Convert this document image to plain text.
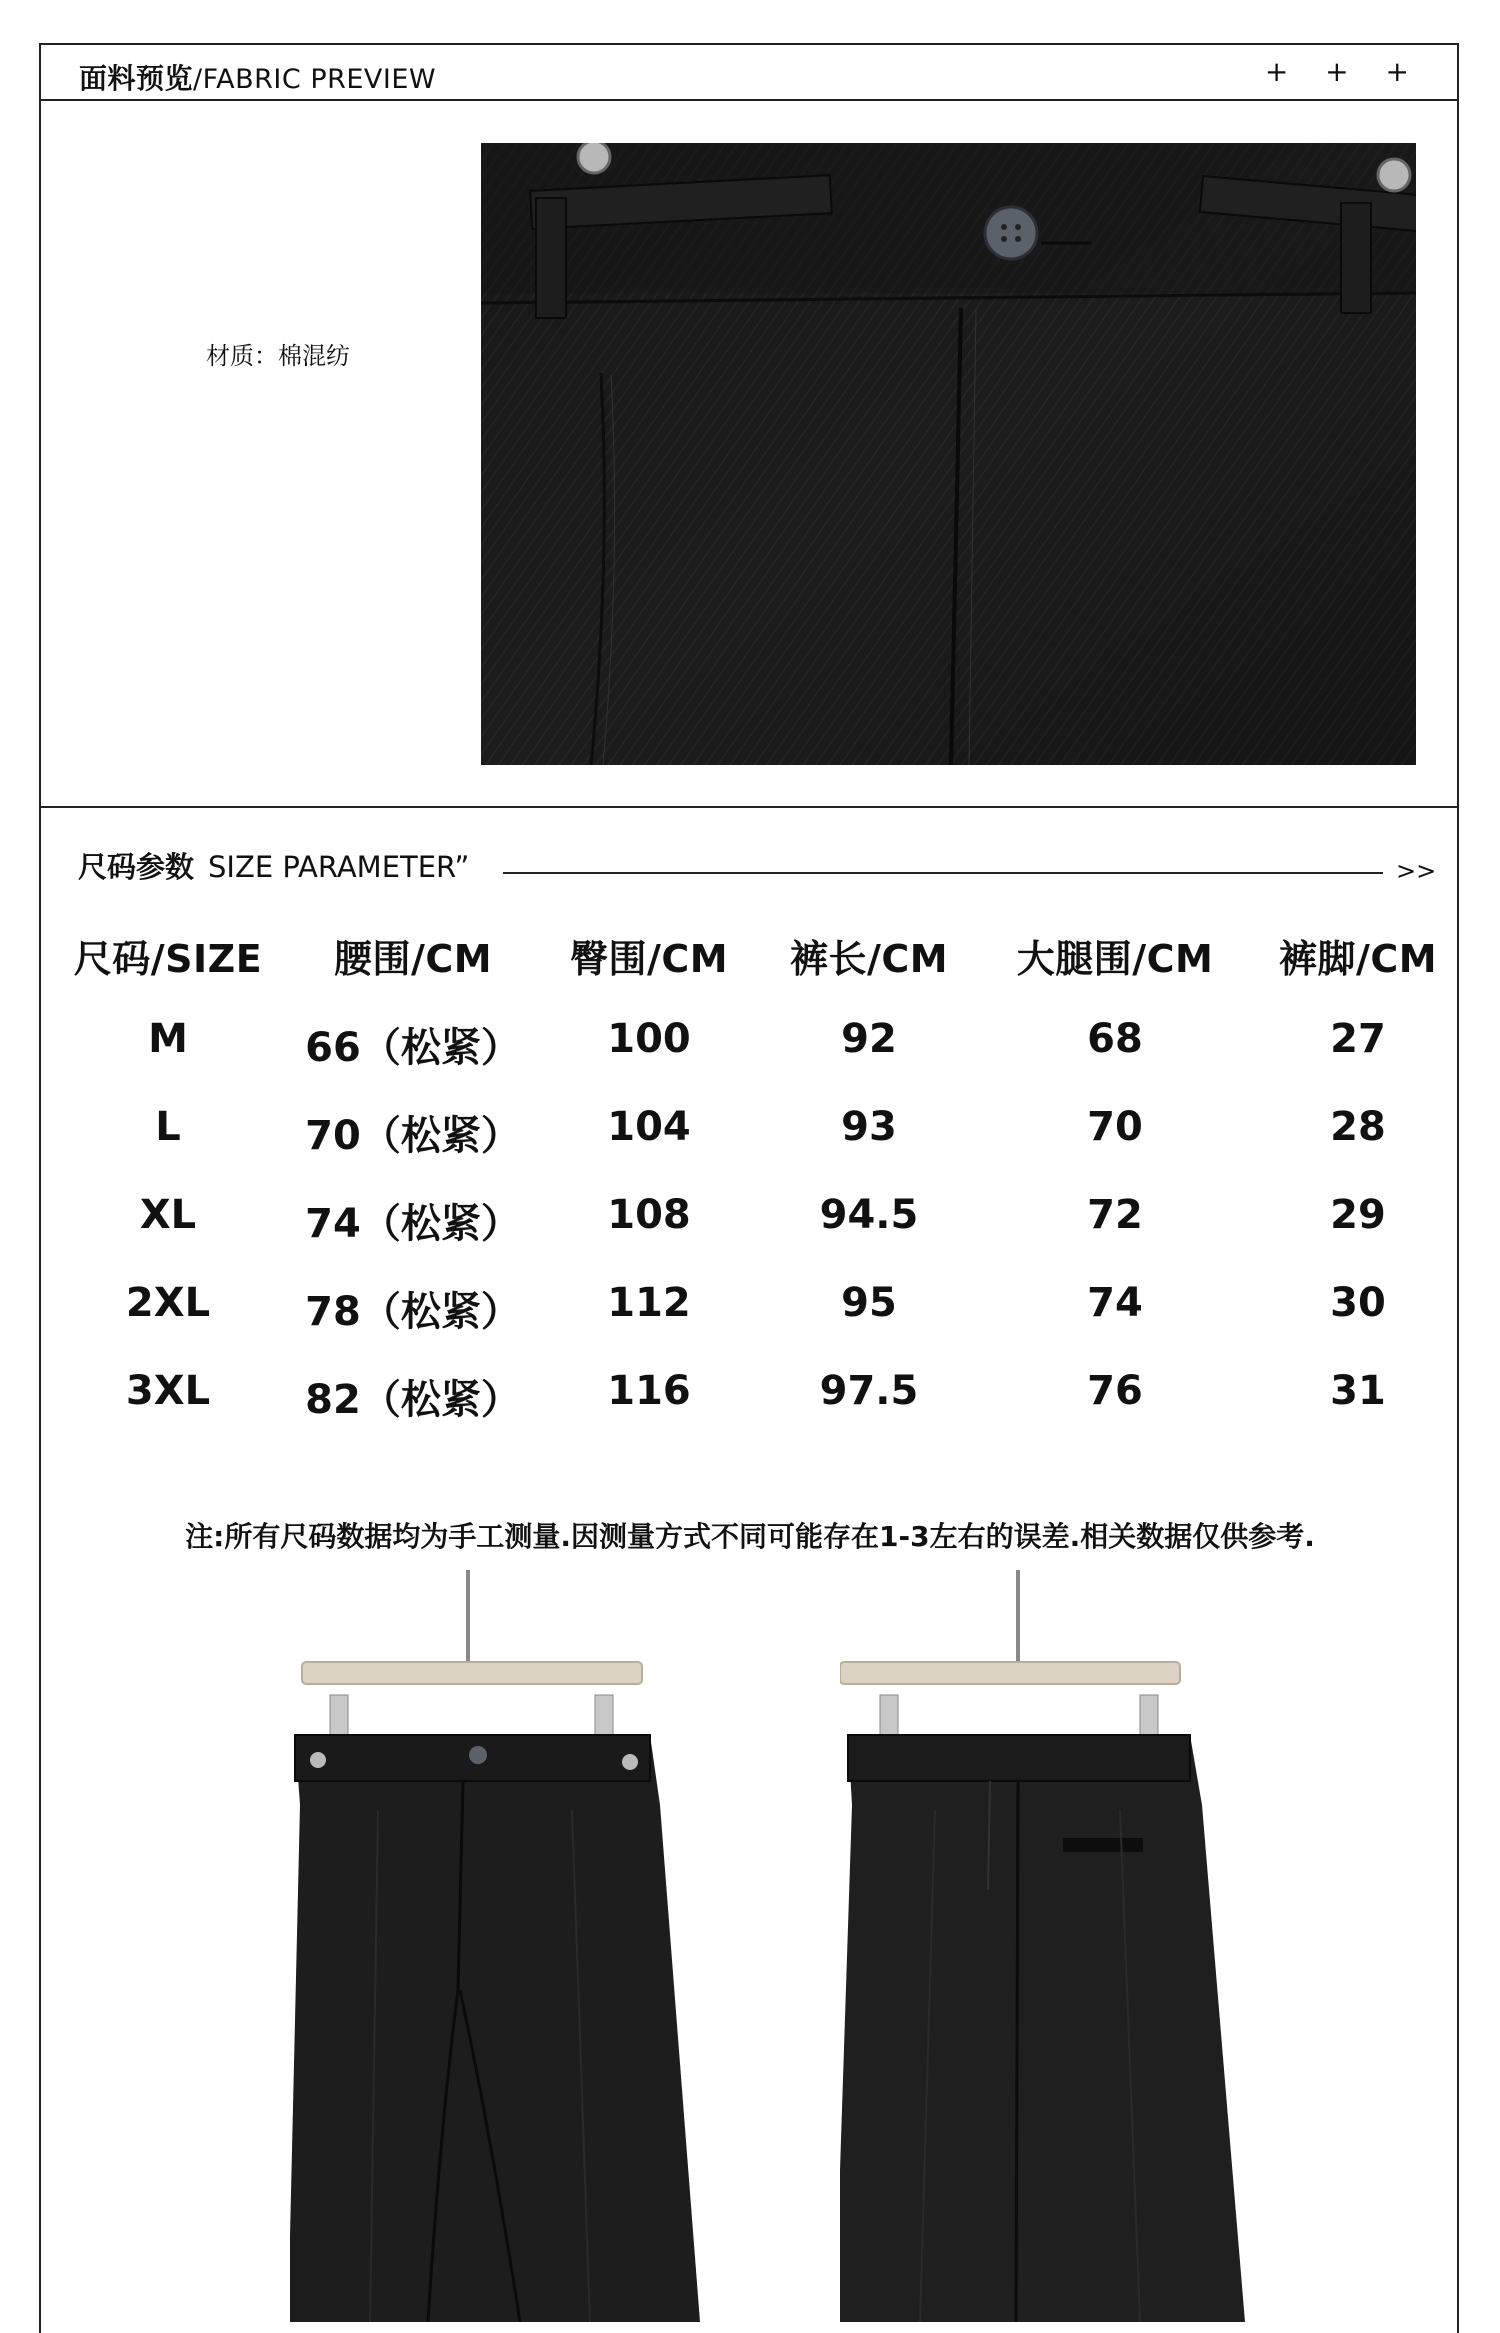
面料预览/FABRIC PREVIEW	+ + +
材质：棉混纺
尺码参数 SIZE PARAMETER”	>>
尺码/SIZE	腰围/CM	臀围/CM	裤长/CM	大腿围/CM	裤脚/CM
M	66（松紧）	100	92	68	27
L	70（松紧）	104	93	70	28
XL	74（松紧）	108	94.5	72	29
2XL	78（松紧）	112	95	74	30
3XL	82（松紧）	116	97.5	76	31
注:所有尺码数据均为手工测量.因测量方式不同可能存在1-3左右的误差.相关数据仅供参考.
